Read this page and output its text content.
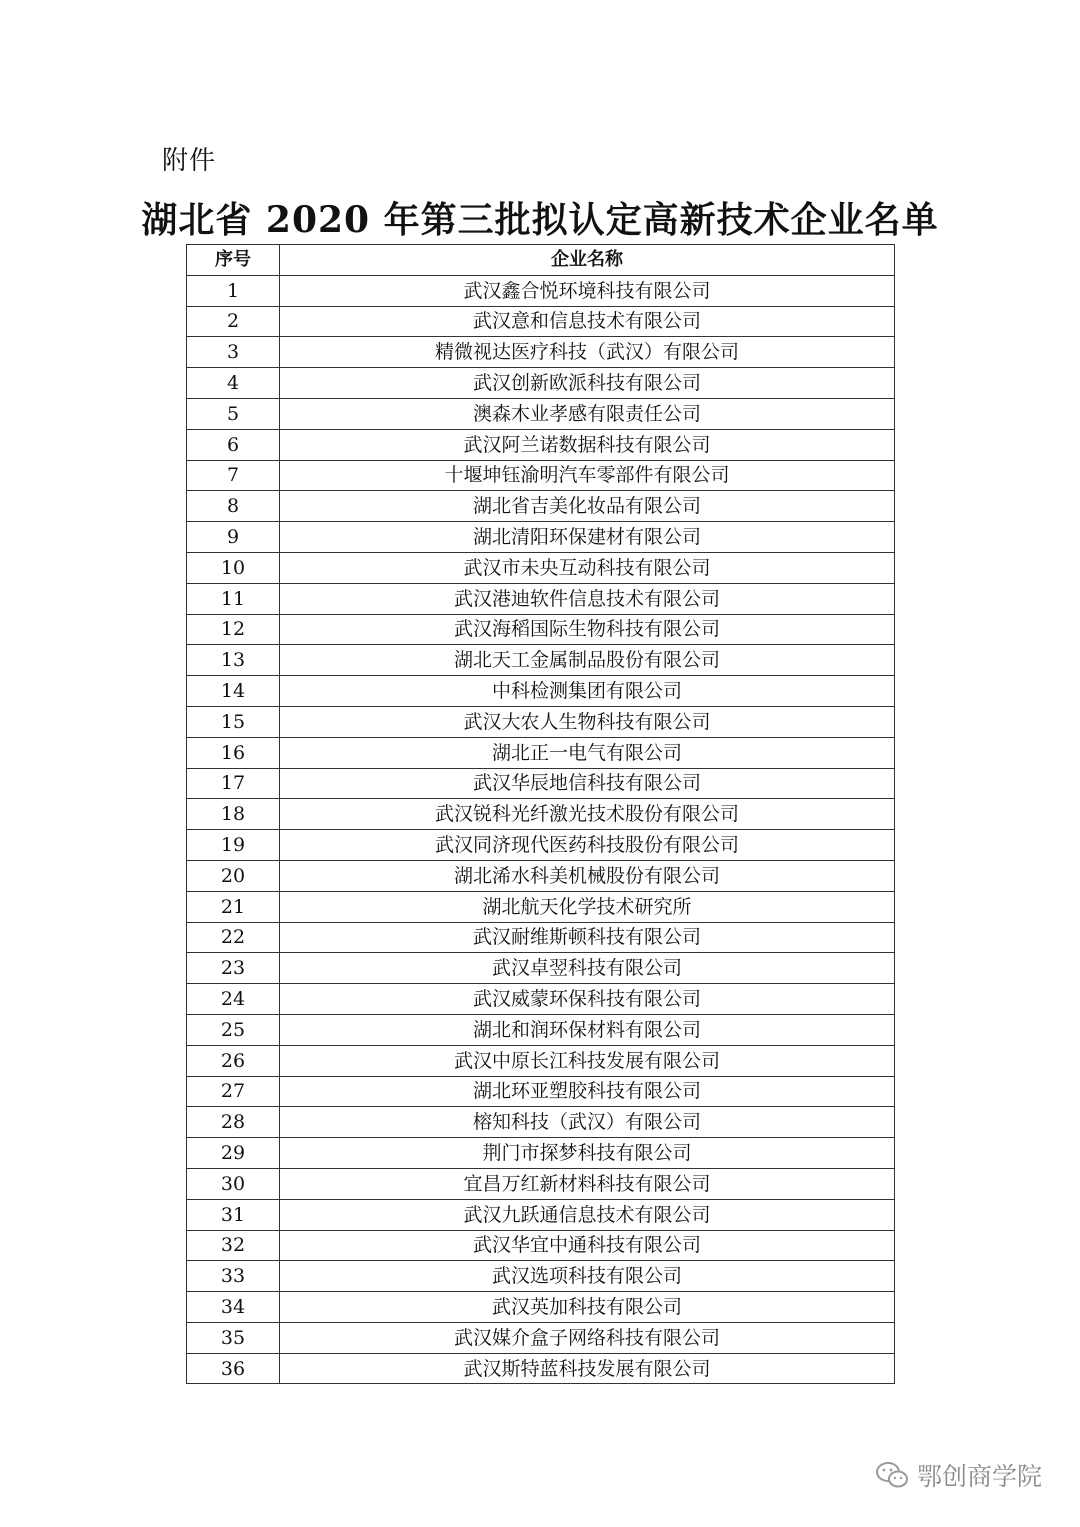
附件
湖北省 2020 年第三批拟认定高新技术企业名单
序号	企业名称
1	武汉鑫合悦环境科技有限公司
2	武汉意和信息技术有限公司
3	精微视达医疗科技（武汉）有限公司
4	武汉创新欧派科技有限公司
5	澳森木业孝感有限责任公司
6	武汉阿兰诺数据科技有限公司
7	十堰坤钰渝明汽车零部件有限公司
8	湖北省吉美化妆品有限公司
9	湖北清阳环保建材有限公司
10	武汉市未央互动科技有限公司
11	武汉港迪软件信息技术有限公司
12	武汉海稻国际生物科技有限公司
13	湖北天工金属制品股份有限公司
14	中科检测集团有限公司
15	武汉大农人生物科技有限公司
16	湖北正一电气有限公司
17	武汉华辰地信科技有限公司
18	武汉锐科光纤激光技术股份有限公司
19	武汉同济现代医药科技股份有限公司
20	湖北浠水科美机械股份有限公司
21	湖北航天化学技术研究所
22	武汉耐维斯顿科技有限公司
23	武汉卓翌科技有限公司
24	武汉威蒙环保科技有限公司
25	湖北和润环保材料有限公司
26	武汉中原长江科技发展有限公司
27	湖北环亚塑胶科技有限公司
28	榕知科技（武汉）有限公司
29	荆门市探梦科技有限公司
30	宜昌万红新材料科技有限公司
31	武汉九跃通信息技术有限公司
32	武汉华宜中通科技有限公司
33	武汉选项科技有限公司
34	武汉英加科技有限公司
35	武汉媒介盒子网络科技有限公司
36	武汉斯特蓝科技发展有限公司
鄂创商学院
